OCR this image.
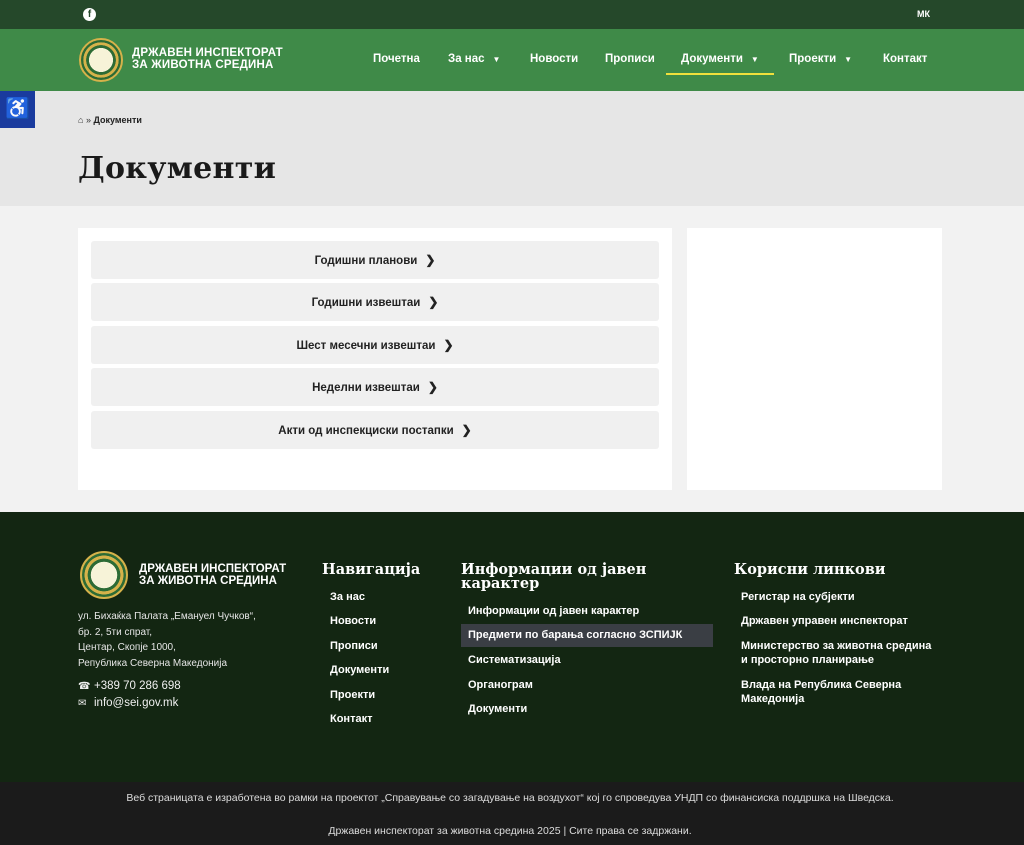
f	МК
ДРЖАВЕН ИНСПЕКТОРАТ
ЗА ЖИВОТНА СРЕДИНА	Почетна За нас ▼	Новости Прописи Документи ▼	Проекти ▼	Контакт
♿	⌂ » Документи
Документи
Годишни планови ❯
Годишни извештаи ❯
Шест месечни извештаи ❯
Неделни извештаи ❯
Акти од инспекциски постапки ❯
ДРЖАВЕН ИНСПЕКТОРАТ
ЗА ЖИВОТНА СРЕДИНА
ул. Бихаќка Палата „Емануел Чучков“,
бр. 2, 5ти спрат,
Центар, Скопје 1000,
Република Северна Македонија
☎ +389 70 286 698
✉ info@sei.gov.mk
Навигација
За нас
Новости
Прописи
Документи
Проекти
Контакт
Информации од јавен карактер
Информации од јавен карактер
Предмети по барања согласно ЗСПИЈК
Систематизација
Органограм
Документи
Корисни линкови
Регистар на субјекти
Државен управен инспекторат
Министерство за животна средина и просторно планирање
Влада на Република Северна Македонија
Веб страницата е изработена во рамки на проектот „Справување со загадување на воздухот“ кој го спроведува УНДП со финансиска поддршка на Шведска.
Државен инспекторат за животна средина 2025 | Сите права се задржани.
